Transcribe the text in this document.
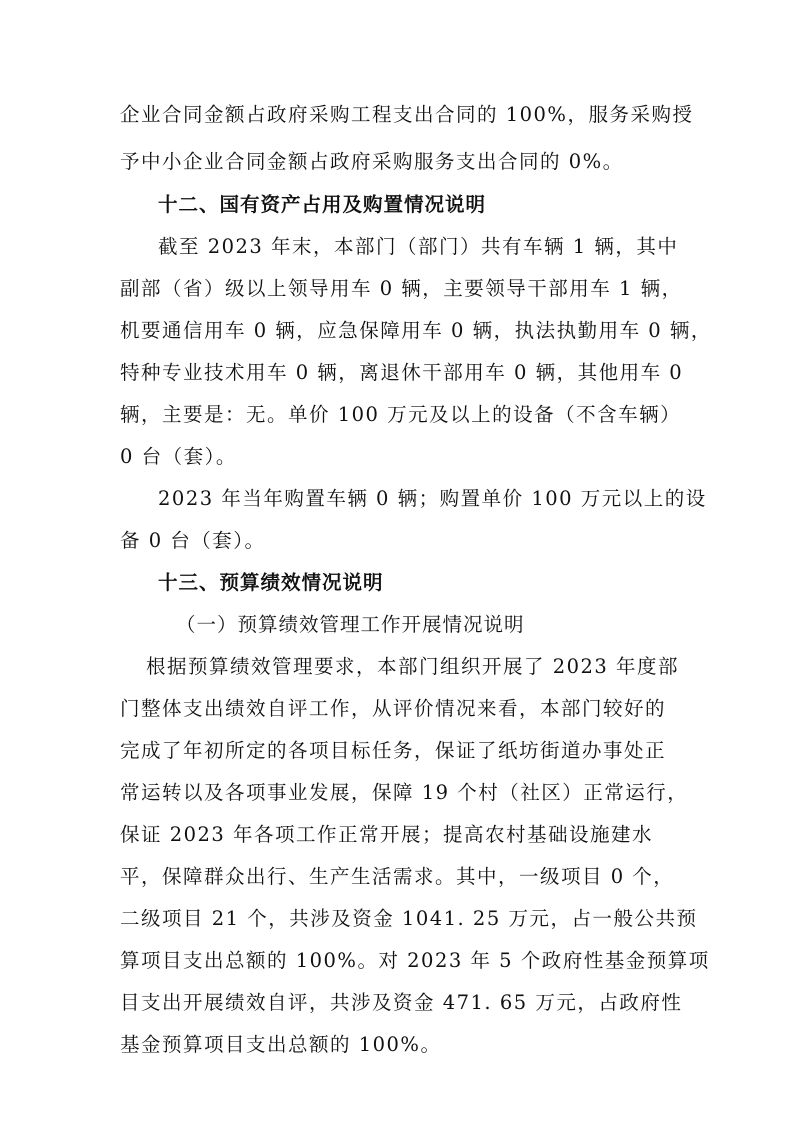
企业合同金额占政府采购工程支出合同的 100%，服务采购授
予中小企业合同金额占政府采购服务支出合同的 0%。
十二、国有资产占用及购置情况说明
截至 2023 年末，本部门（部门）共有车辆 1 辆，其中
副部（省）级以上领导用车 0 辆，主要领导干部用车 1 辆，
机要通信用车 0 辆，应急保障用车 0 辆，执法执勤用车 0 辆，
特种专业技术用车 0 辆，离退休干部用车 0 辆，其他用车 0
辆，主要是：无。单价 100 万元及以上的设备（不含车辆）
0 台（套）。
2023 年当年购置车辆 0 辆；购置单价 100 万元以上的设
备 0 台（套）。
十三、预算绩效情况说明
（一）预算绩效管理工作开展情况说明
根据预算绩效管理要求，本部门组织开展了 2023 年度部
门整体支出绩效自评工作，从评价情况来看，本部门较好的
完成了年初所定的各项目标任务，保证了纸坊街道办事处正
常运转以及各项事业发展，保障 19 个村（社区）正常运行，
保证 2023 年各项工作正常开展；提高农村基础设施建水
平，保障群众出行、生产生活需求。其中，一级项目 0 个，
二级项目 21 个，共涉及资金 1041. 25 万元，占一般公共预
算项目支出总额的 100%。对 2023 年 5 个政府性基金预算项
目支出开展绩效自评，共涉及资金 471. 65 万元，占政府性
基金预算项目支出总额的 100%。
